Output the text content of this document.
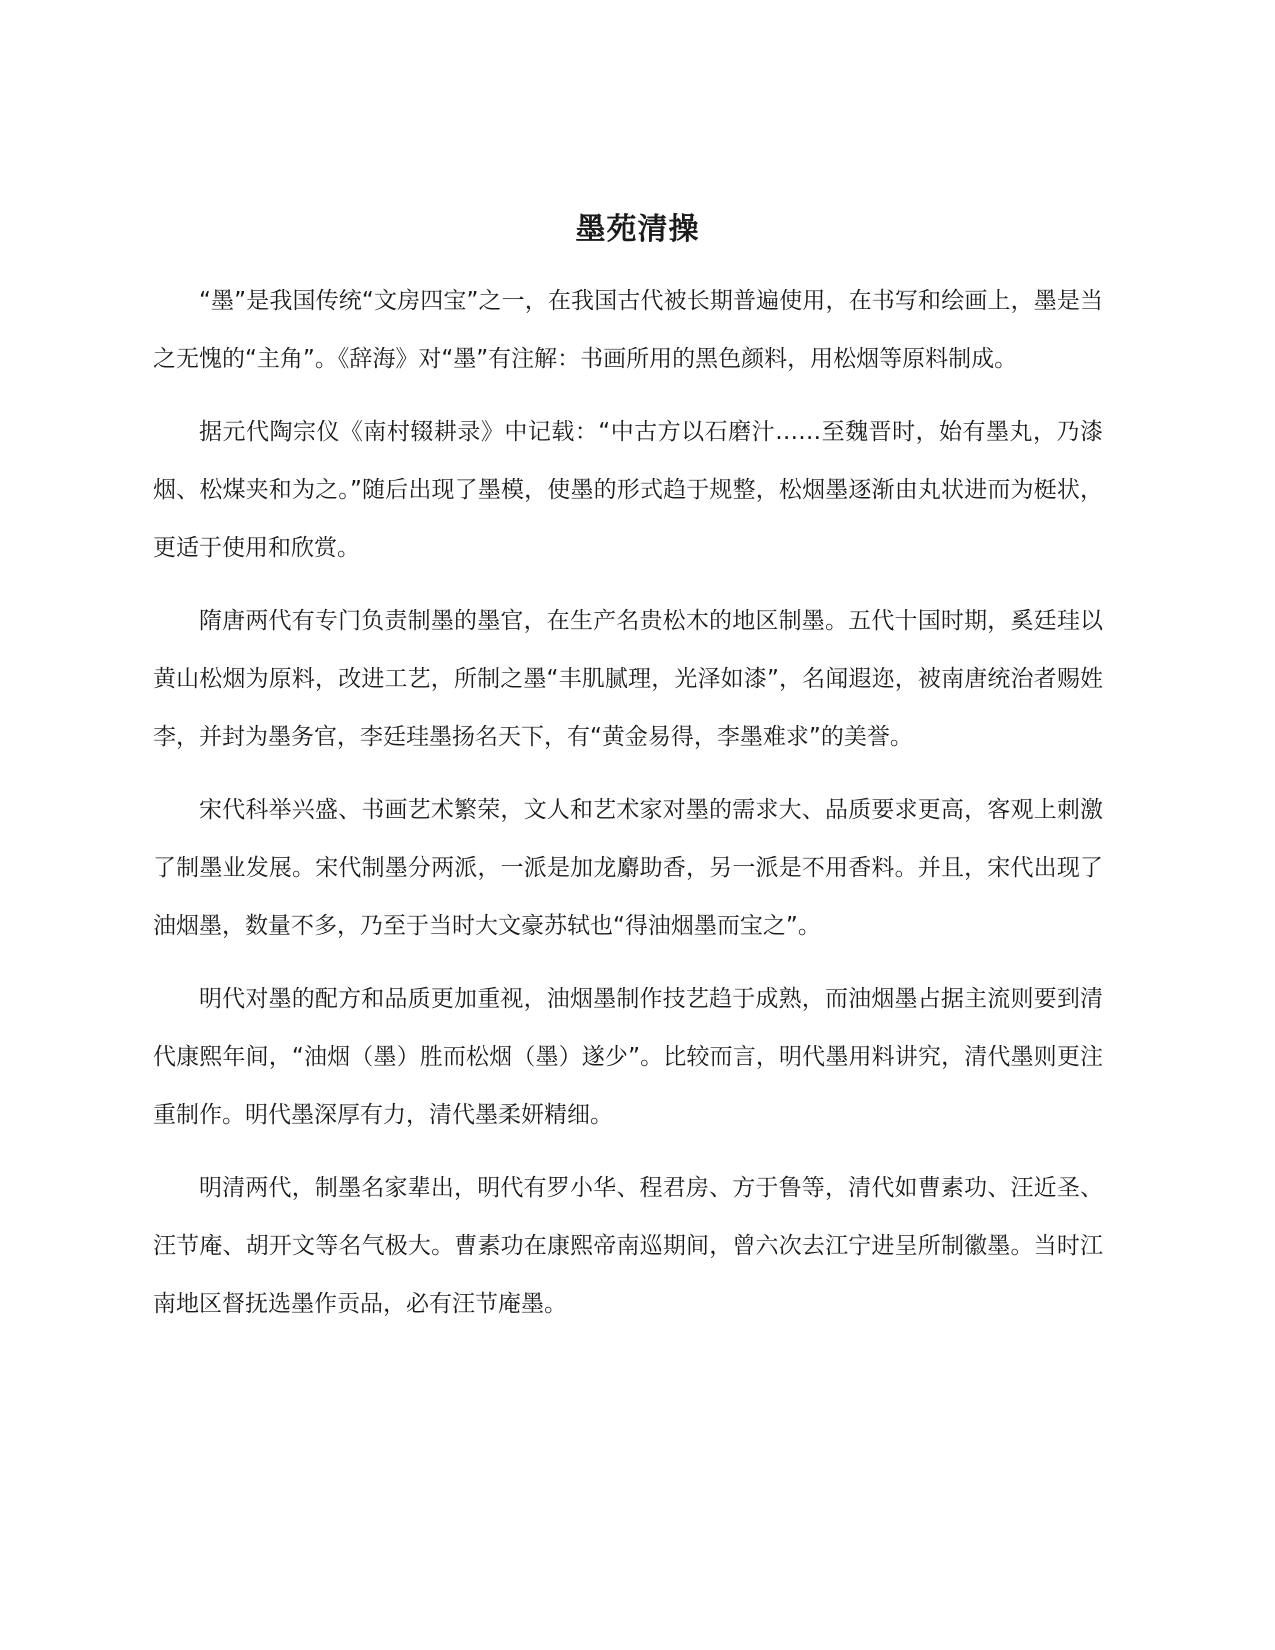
墨苑清操

“墨”是我国传统“文房四宝”之一，在我国古代被长期普遍使用，在书写和绘画上，墨是当之无愧的“主角”。《辞海》对“墨”有注解：书画所用的黑色颜料，用松烟等原料制成。

据元代陶宗仪《南村辍耕录》中记载：“中古方以石磨汁……至魏晋时，始有墨丸，乃漆烟、松煤夹和为之。”随后出现了墨模，使墨的形式趋于规整，松烟墨逐渐由丸状进而为梃状，更适于使用和欣赏。

隋唐两代有专门负责制墨的墨官，在生产名贵松木的地区制墨。五代十国时期，奚廷珪以黄山松烟为原料，改进工艺，所制之墨“丰肌腻理，光泽如漆”，名闻遐迩，被南唐统治者赐姓李，并封为墨务官，李廷珪墨扬名天下，有“黄金易得，李墨难求”的美誉。

宋代科举兴盛、书画艺术繁荣，文人和艺术家对墨的需求大、品质要求更高，客观上刺激了制墨业发展。宋代制墨分两派，一派是加龙麝助香，另一派是不用香料。并且，宋代出现了油烟墨，数量不多，乃至于当时大文豪苏轼也“得油烟墨而宝之”。

明代对墨的配方和品质更加重视，油烟墨制作技艺趋于成熟，而油烟墨占据主流则要到清代康熙年间，“油烟（墨）胜而松烟（墨）遂少”。比较而言，明代墨用料讲究，清代墨则更注重制作。明代墨深厚有力，清代墨柔妍精细。

明清两代，制墨名家辈出，明代有罗小华、程君房、方于鲁等，清代如曹素功、汪近圣、汪节庵、胡开文等名气极大。曹素功在康熙帝南巡期间，曾六次去江宁进呈所制徽墨。当时江南地区督抚选墨作贡品，必有汪节庵墨。
